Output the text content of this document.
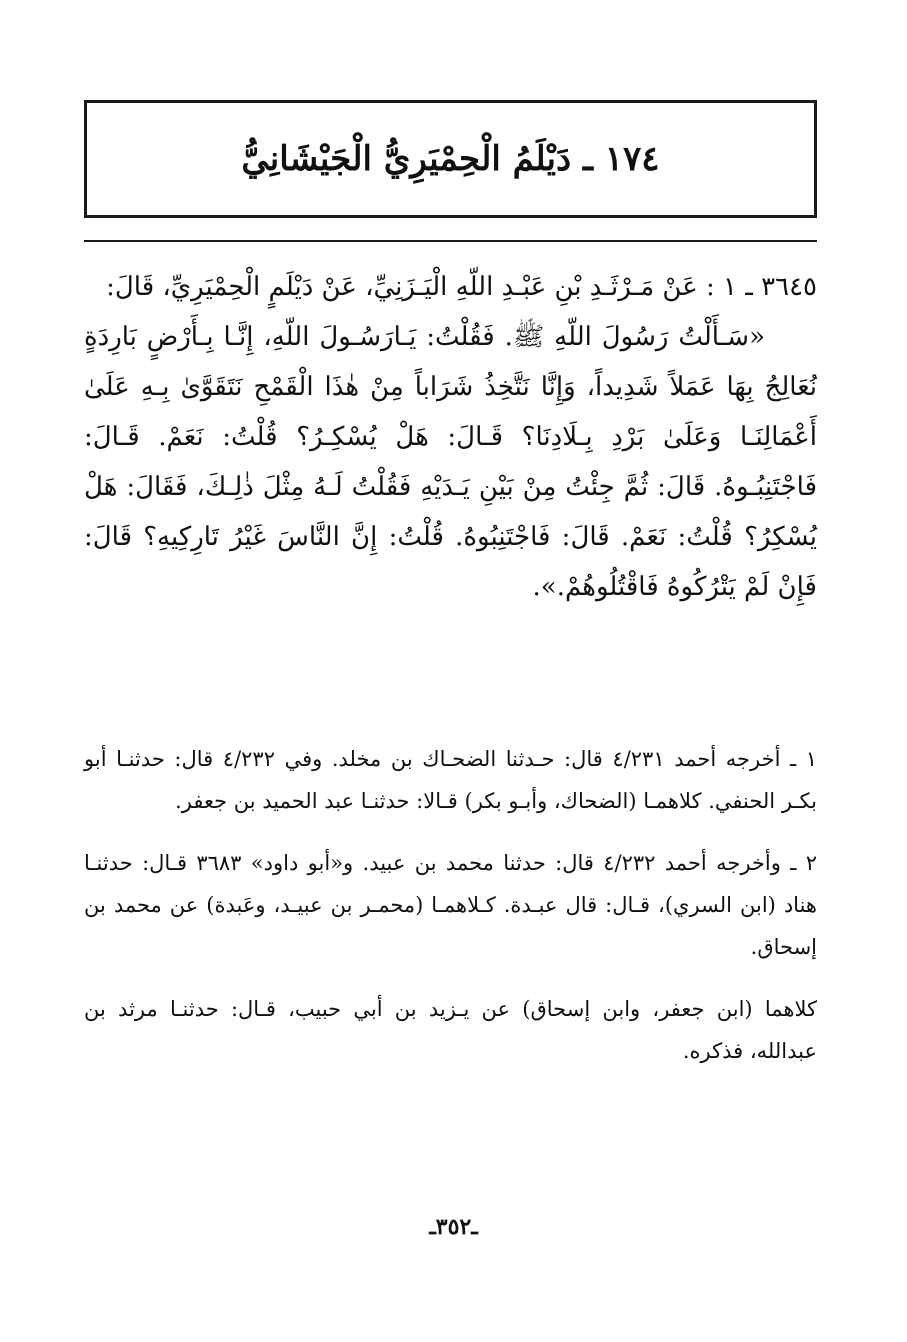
١٧٤ ـ دَيْلَمُ الْحِمْيَرِيُّ الْجَيْشَانِيُّ

٣٦٤٥ ـ ١ : عَنْ مَـرْثَـدِ بْنِ عَبْـدِ اللّهِ الْيَـزَنِيِّ، عَنْ دَيْلَمٍ الْحِمْيَرِيِّ، قَالَ:

«سَـأَلْتُ رَسُولَ اللّهِ ﷺ. فَقُلْتُ: يَـارَسُـولَ اللّهِ، إِنَّـا بِـأَرْضٍ بَارِدَةٍ نُعَالِجُ بِهَا عَمَلاً شَدِيداً، وَإِنَّا نَتَّخِذُ شَرَاباً مِنْ هٰذَا الْقَمْحِ نَتَقَوَّىٰ بِـهِ عَلَىٰ أَعْمَالِنَـا وَعَلَىٰ بَرْدِ بِـلَادِنَا؟ قَـالَ: هَلْ يُسْكِـرُ؟ قُلْتُ: نَعَمْ. قَـالَ: فَاجْتَنِبُـوهُ. قَالَ: ثُمَّ جِئْتُ مِنْ بَيْنِ يَـدَيْهِ فَقُلْتُ لَـهُ مِثْلَ ذٰلِـكَ، فَقَالَ: هَلْ يُسْكِرُ؟ قُلْتُ: نَعَمْ. قَالَ: فَاجْتَنِبُوهُ. قُلْتُ: إِنَّ النَّاسَ غَيْرُ تَارِكِيهِ؟ قَالَ: فَإِنْ لَمْ يَتْرُكُوهُ فَاقْتُلُوهُمْ.».

١ ـ أخرجه أحمد ٤/٢٣١ قال: حـدثنا الضحـاك بن مخلد. وفي ٤/٢٣٢ قال: حدثنـا أبو بكـر الحنفي. كلاهمـا (الضحاك، وأبـو بكر) قـالا: حدثنـا عبد الحميد بن جعفر.

٢ ـ وأخرجه أحمد ٤/٢٣٢ قال: حدثنا محمد بن عبيد. و«أبو داود» ٣٦٨٣ قـال: حدثنـا هناد (ابن السري)، قـال: قال عبـدة. كـلاهمـا (محمـر بن عبيـد، وعَبدة) عن محمد بن إسحاق.

كلاهما (ابن جعفر، وابن إسحاق) عن يـزيد بن أبي حبيب، قـال: حدثنـا مرثد بن عبدالله، فذكره.

ـ٣٥٢ـ
